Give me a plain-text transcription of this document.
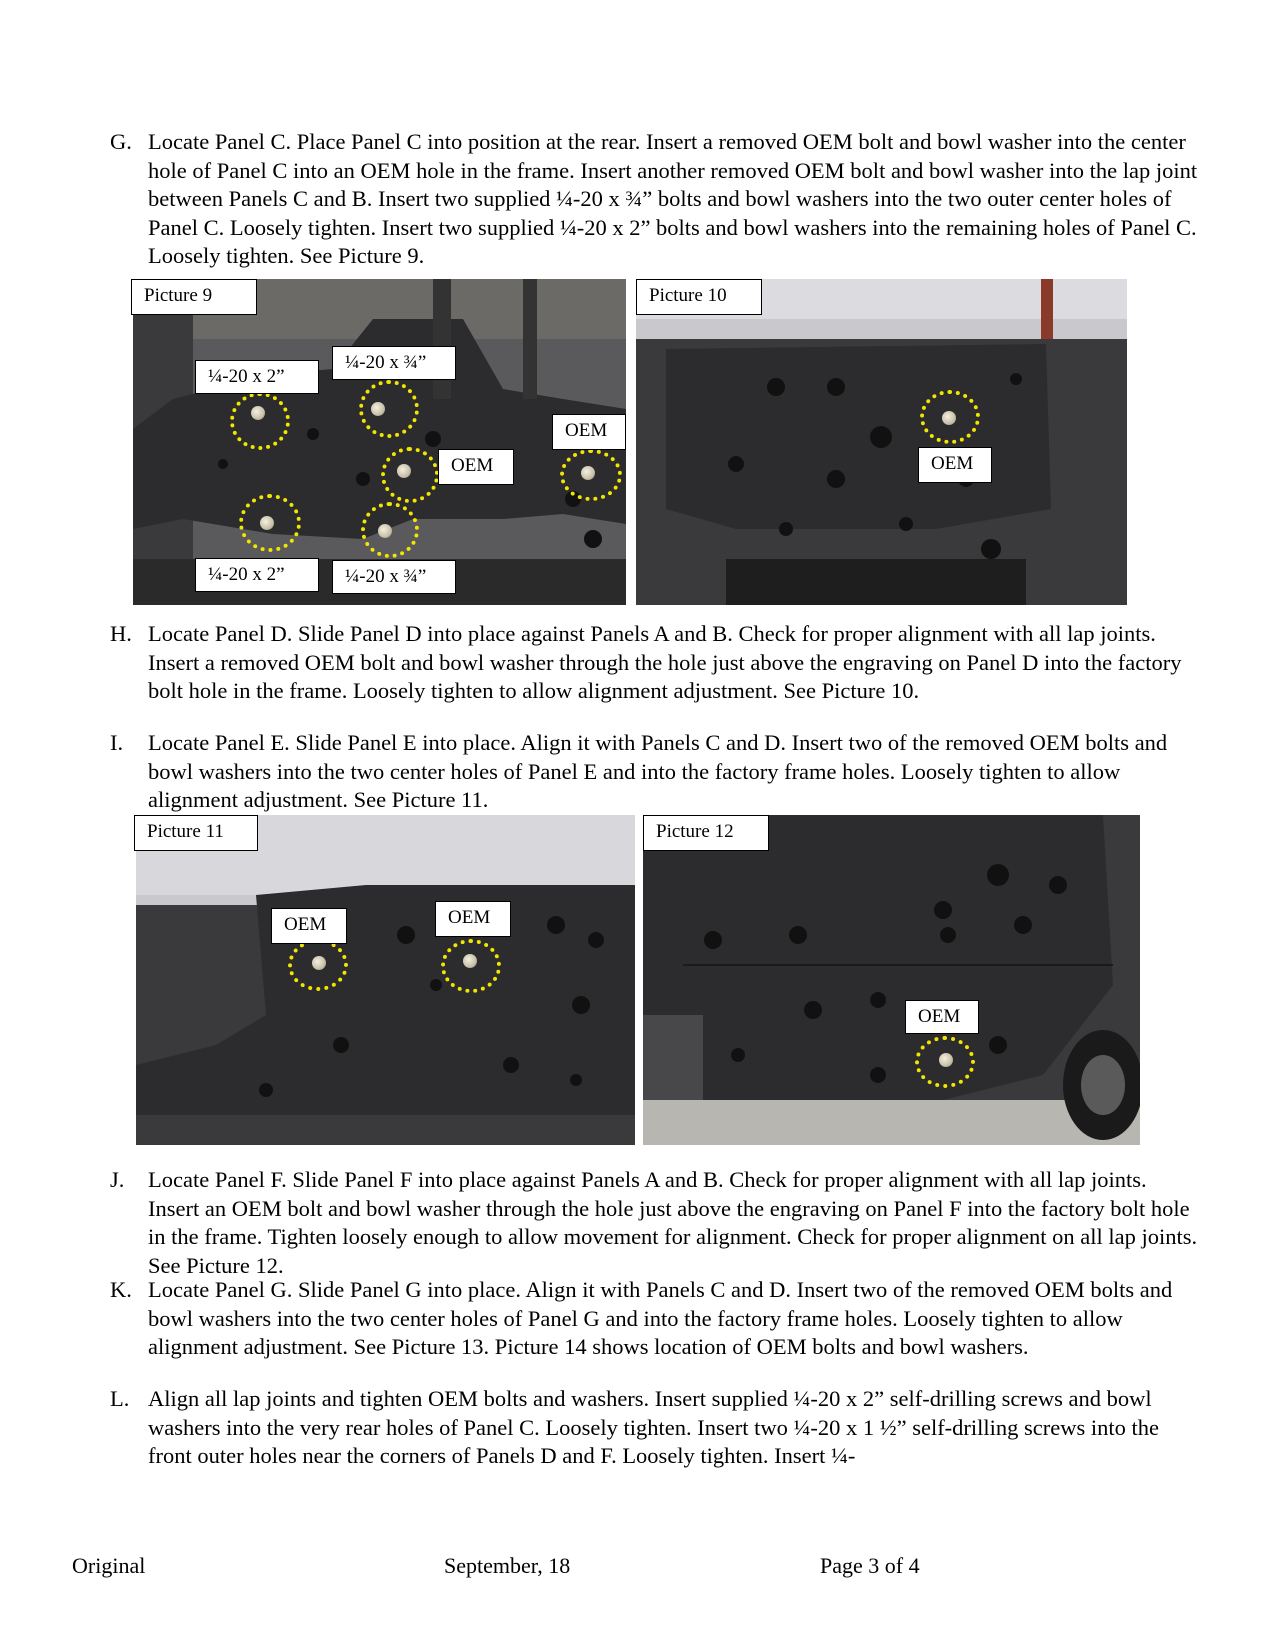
G. Locate Panel C. Place Panel C into position at the rear. Insert a removed OEM bolt and bowl washer into the center hole of Panel C into an OEM hole in the frame. Insert another removed OEM bolt and bowl washer into the lap joint between Panels C and B. Insert two supplied ¼-20 x ¾” bolts and bowl washers into the two outer center holes of Panel C. Loosely tighten. Insert two supplied ¼-20 x 2” bolts and bowl washers into the remaining holes of Panel C. Loosely tighten. See Picture 9.
Picture 9
¼-20 x 2”
¼-20 x ¾”
OEM
OEM
¼-20 x 2”	¼-20 x ¾”
Picture 10
OEM
H. Locate Panel D. Slide Panel D into place against Panels A and B. Check for proper alignment with all lap joints. Insert a removed OEM bolt and bowl washer through the hole just above the engraving on Panel D into the factory bolt hole in the frame. Loosely tighten to allow alignment adjustment. See Picture 10.
I. Locate Panel E. Slide Panel E into place. Align it with Panels C and D. Insert two of the removed OEM bolts and bowl washers into the two center holes of Panel E and into the factory frame holes. Loosely tighten to allow alignment adjustment. See Picture 11.
Picture 11
OEM	OEM
Picture 12
OEM
J. Locate Panel F. Slide Panel F into place against Panels A and B. Check for proper alignment with all lap joints. Insert an OEM bolt and bowl washer through the hole just above the engraving on Panel F into the factory bolt hole in the frame. Tighten loosely enough to allow movement for alignment. Check for proper alignment on all lap joints. See Picture 12.
K. Locate Panel G. Slide Panel G into place. Align it with Panels C and D. Insert two of the removed OEM bolts and bowl washers into the two center holes of Panel G and into the factory frame holes. Loosely tighten to allow alignment adjustment. See Picture 13. Picture 14 shows location of OEM bolts and bowl washers.
L. Align all lap joints and tighten OEM bolts and washers. Insert supplied ¼-20 x 2” self-drilling screws and bowl washers into the very rear holes of Panel C. Loosely tighten. Insert two ¼-20 x 1 ½” self-drilling screws into the front outer holes near the corners of Panels D and F. Loosely tighten. Insert ¼-
Original	September, 18	Page 3 of 4
